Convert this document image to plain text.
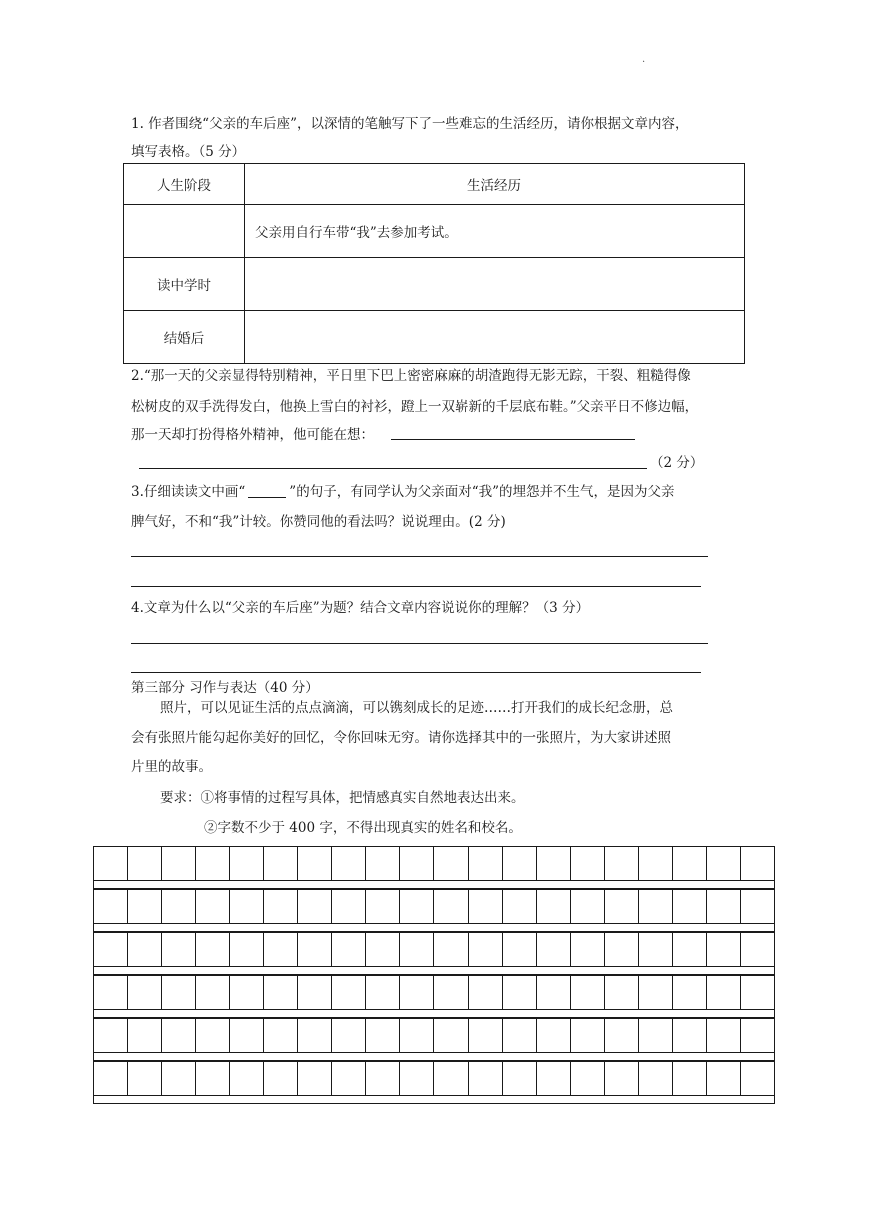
.
1. 作者围绕“父亲的车后座”，以深情的笔触写下了一些难忘的生活经历，请你根据文章内容，
填写表格。（5 分）
人生阶段	生活经历
	父亲用自行车带“我”去参加考试。
读中学时	
结婚后	
2.“那一天的父亲显得特别精神，平日里下巴上密密麻麻的胡渣跑得无影无踪，干裂、粗糙得像
松树皮的双手洗得发白，他换上雪白的衬衫，蹬上一双崭新的千层底布鞋。”父亲平日不修边幅，
那一天却打扮得格外精神，他可能在想：
（2 分）
3.仔细读读文中画“	”的句子，有同学认为父亲面对“我”的埋怨并不生气，是因为父亲
脾气好，不和“我”计较。你赞同他的看法吗？说说理由。(2 分)
4.文章为什么以“父亲的车后座”为题？结合文章内容说说你的理解？（3 分）
第三部分 习作与表达（40 分）
照片，可以见证生活的点点滴滴，可以镌刻成长的足迹……打开我们的成长纪念册，总
会有张照片能勾起你美好的回忆，令你回味无穷。请你选择其中的一张照片，为大家讲述照
片里的故事。
要求：①将事情的过程写具体，把情感真实自然地表达出来。
②字数不少于 400 字，不得出现真实的姓名和校名。
